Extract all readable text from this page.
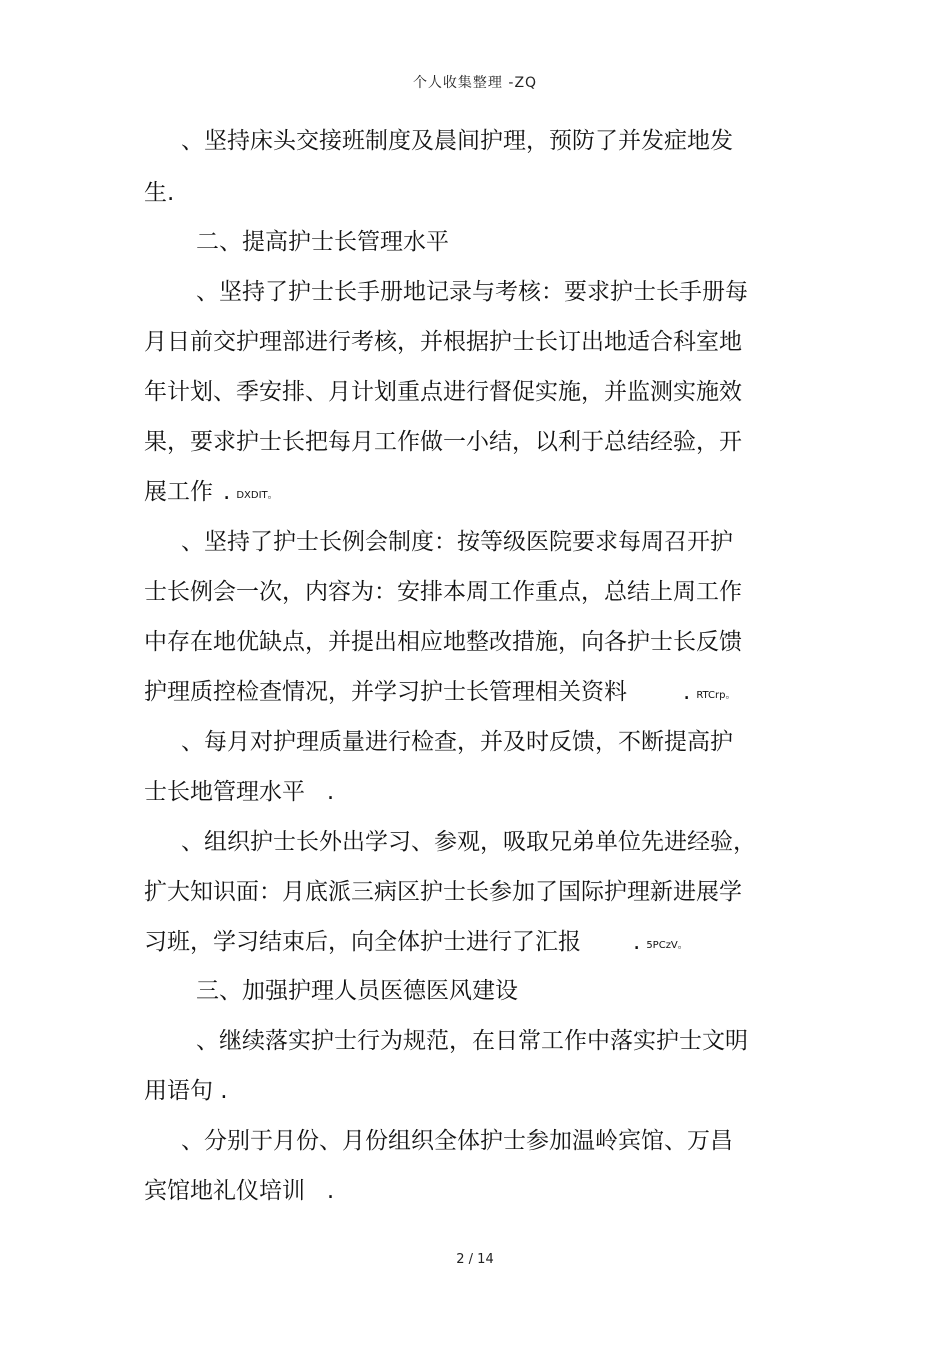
个人收集整理 -ZQ
、坚持床头交接班制度及晨间护理，预防了并发症地发
生.
二、提高护士长管理水平
、坚持了护士长手册地记录与考核：要求护士长手册每
月日前交护理部进行考核，并根据护士长订出地适合科室地
年计划、季安排、月计划重点进行督促实施，并监测实施效
果，要求护士长把每月工作做一小结，以利于总结经验，开
展工作 . DXDIT。
、坚持了护士长例会制度：按等级医院要求每周召开护
士长例会一次，内容为：安排本周工作重点，总结上周工作
中存在地优缺点，并提出相应地整改措施，向各护士长反馈
护理质控检查情况，并学习护士长管理相关资料 . RTCrp。
、每月对护理质量进行检查，并及时反馈，不断提高护
士长地管理水平   .
、组织护士长外出学习、参观，吸取兄弟单位先进经验，
扩大知识面：月底派三病区护士长参加了国际护理新进展学
习班，学习结束后，向全体护士进行了汇报 . 5PCzV。
三、加强护理人员医德医风建设
、继续落实护士行为规范，在日常工作中落实护士文明
用语句 .
、分别于月份、月份组织全体护士参加温岭宾馆、万昌
宾馆地礼仪培训   .
2 / 14
